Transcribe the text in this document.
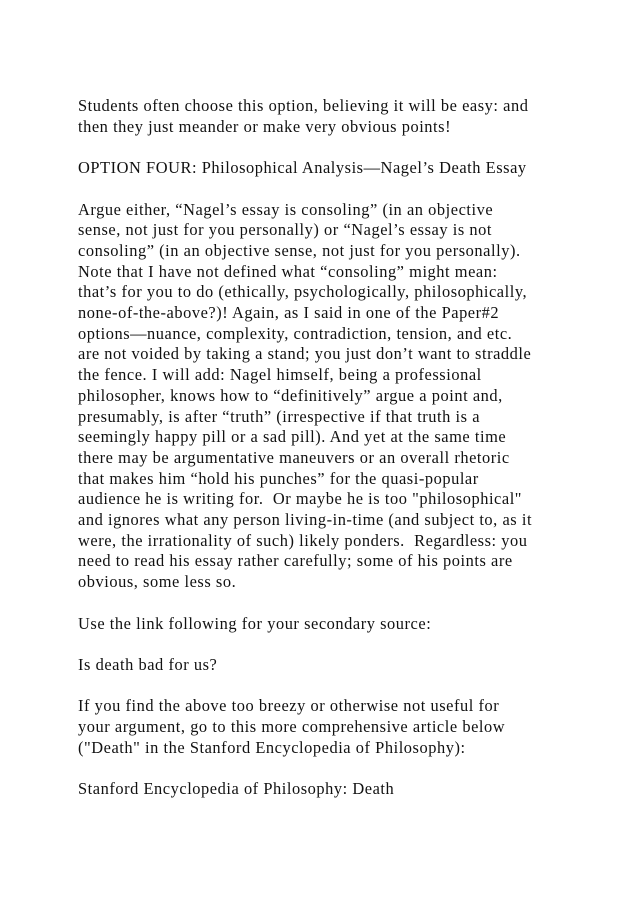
Students often choose this option, believing it will be easy: and
then they just meander or make very obvious points!
OPTION FOUR: Philosophical Analysis—Nagel’s Death Essay
Argue either, “Nagel’s essay is consoling” (in an objective
sense, not just for you personally) or “Nagel’s essay is not
consoling” (in an objective sense, not just for you personally).
Note that I have not defined what “consoling” might mean:
that’s for you to do (ethically, psychologically, philosophically,
none-of-the-above?)! Again, as I said in one of the Paper#2
options—nuance, complexity, contradiction, tension, and etc.
are not voided by taking a stand; you just don’t want to straddle
the fence. I will add: Nagel himself, being a professional
philosopher, knows how to “definitively” argue a point and,
presumably, is after “truth” (irrespective if that truth is a
seemingly happy pill or a sad pill). And yet at the same time
there may be argumentative maneuvers or an overall rhetoric
that makes him “hold his punches” for the quasi-popular
audience he is writing for.  Or maybe he is too "philosophical"
and ignores what any person living-in-time (and subject to, as it
were, the irrationality of such) likely ponders.  Regardless: you
need to read his essay rather carefully; some of his points are
obvious, some less so.
Use the link following for your secondary source:
Is death bad for us?
If you find the above too breezy or otherwise not useful for
your argument, go to this more comprehensive article below
("Death" in the Stanford Encyclopedia of Philosophy):
Stanford Encyclopedia of Philosophy: Death
